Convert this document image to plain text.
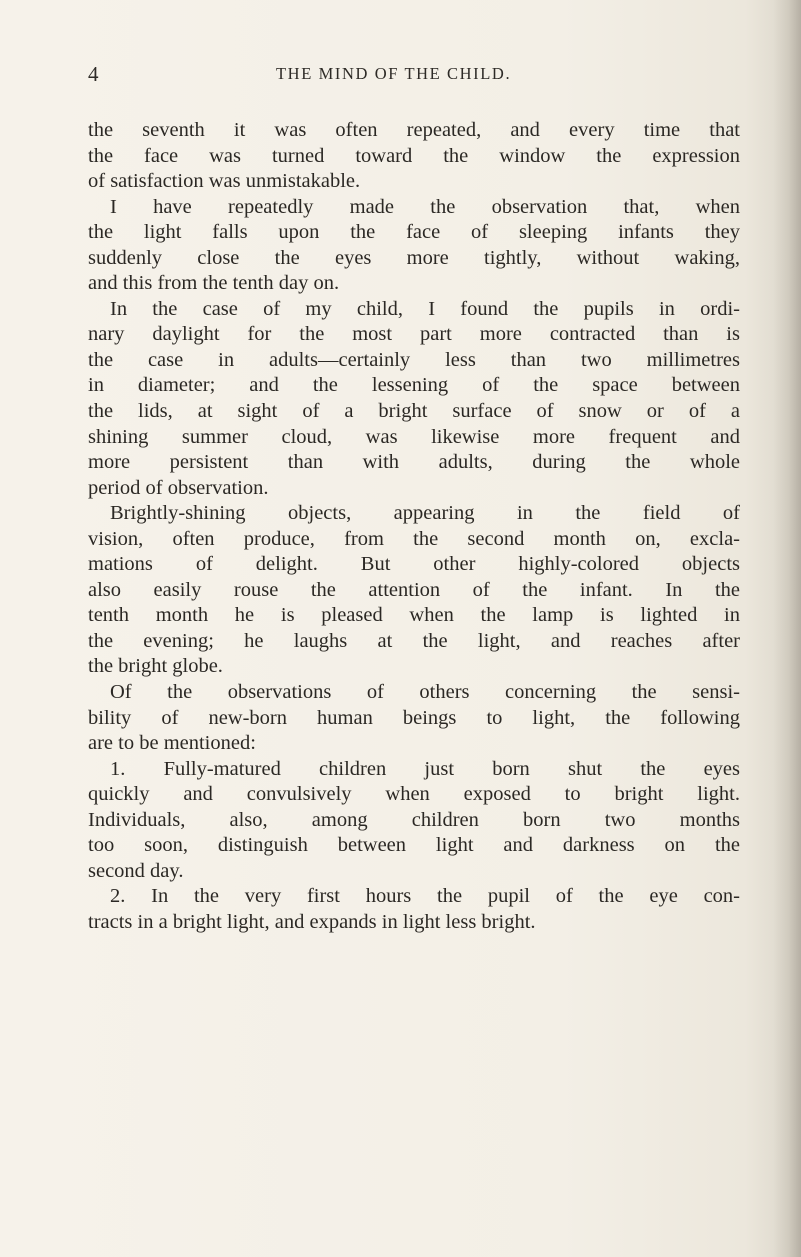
4	THE MIND OF THE CHILD.

the seventh it was often repeated, and every time that
the face was turned toward the window the expression
of satisfaction was unmistakable.

I have repeatedly made the observation that, when
the light falls upon the face of sleeping infants they
suddenly close the eyes more tightly, without waking,
and this from the tenth day on.

In the case of my child, I found the pupils in ordi-
nary daylight for the most part more contracted than is
the case in adults—certainly less than two millimetres
in diameter; and the lessening of the space between
the lids, at sight of a bright surface of snow or of a
shining summer cloud, was likewise more frequent and
more persistent than with adults, during the whole
period of observation.

Brightly-shining objects, appearing in the field of
vision, often produce, from the second month on, excla-
mations of delight. But other highly-colored objects
also easily rouse the attention of the infant. In the
tenth month he is pleased when the lamp is lighted in
the evening; he laughs at the light, and reaches after
the bright globe.

Of the observations of others concerning the sensi-
bility of new-born human beings to light, the following
are to be mentioned:

1. Fully-matured children just born shut the eyes
quickly and convulsively when exposed to bright light.
Individuals, also, among children born two months
too soon, distinguish between light and darkness on the
second day.

2. In the very first hours the pupil of the eye con-
tracts in a bright light, and expands in light less bright.
